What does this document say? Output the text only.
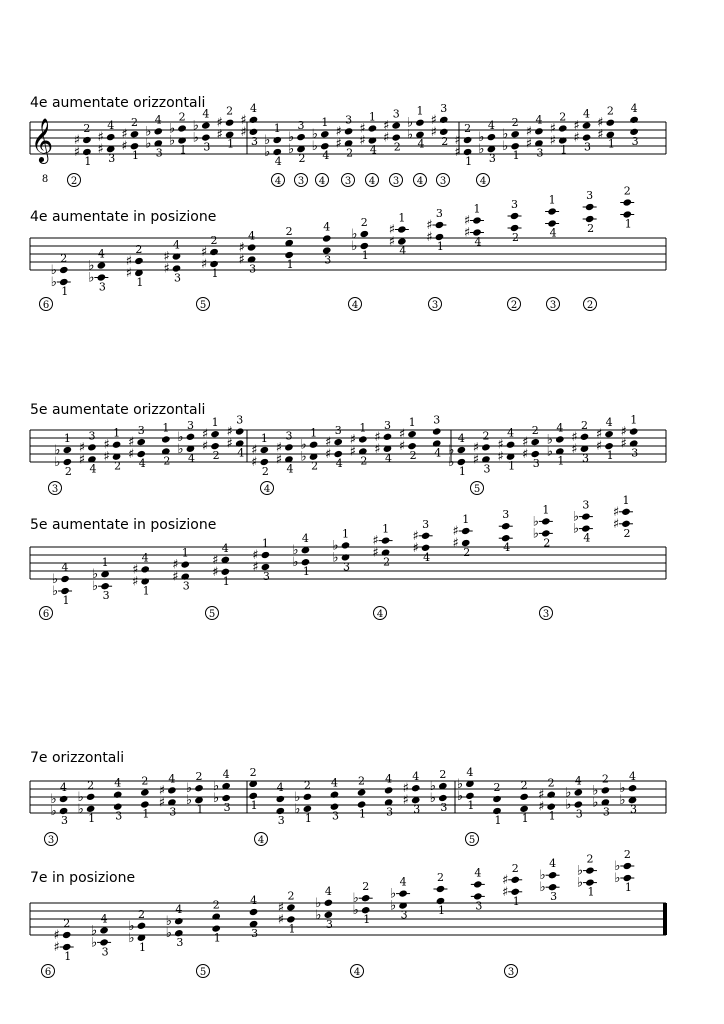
4e aumentate orizzontali
4e aumentate in posizione
5e aumentate orizzontali
5e aumentate in posizione
7e orizzontali
7e in posizione
𝄞
8
♯
♯
2
1
♯
♯
4
3
♯
♯
2
1
♭
♭
4
3
♭
♭
2
1
♭
♭
4
3
♯
♯
2
1
♯
♯
4
3 ♭
♭
1
4
♭
♭
3
2
♭
♭
1
4
♯
♯
3
2
♯
♯
1
4
♯
♯
3
2
♭
♭
1
4
♯
♯
3
2 ♯
♯
2
1
♭
♭
4
3
♭
♭
2
1
♯
♯
4
3
♯
♯
2
1
♯
♯
4
3
♯
♯
2
1
4
3
2	4 3 4 3 4 3 4 3	4
♭
♭
2
1
♭
♭
4
3
♯
♯
2
1
♯
♯
4
3
♯
♯
2
1
♯
♯
4
3
2
1
4
3
♭
♭
2
1
♯
♯
1
4
♯
♯
3
1
♯
♯
1
4
3
2
1
4
3
2
2
1
6	5	4	3	2	3	2
♭
♭
1
2
♯
♯
3
4
♯
♯
1
2
♯
♯
3
4
1
2
♭
♭
3
4
♯
♯
1
2
♯
♯
3
4 ♯
♯
1
2
♯
♯
3
4
♭
♭
1
2
♯
♯
3
4
♯
♯
1
2
♯
♯
3
4
♯
♯
1
2
3
4 ♭
♭
4
1
♯
♯
2
3
♯
♯
4
1
♯
♯
2
3
♭
♭
4
1
♯
♯
2
3
♯
♯
4
1
♯
♯
1
3
3	4	5
♭
♭
4
1
♭
♭
1
3
♯
♯
4
1
♯
♯
1
3
♯
♯
4
1
♯
♯
1
3
♭
♭
4
1
♭
♭
1
3
♯
♯
1
2
♯
♯
3
4
♯
♯
1
2
3
4
♭
♭
1
2
♭
♭
3
4
♯
♯
1
2
6	5	4	3
♭
♭
4
3
♭
♭
2
1
4
3
2
1
♯
♯
4
3
♭
♭
2
1
♭
♭
4
3
2
1
4
3
♭
♭
2
1
4
3
2
1
4
3
♯
♯
4
3
♭
♭
2
3
♭
♭
4
1
2
1
2
1
♯
♯
2
1
♭
♭
4
3
♭
♭
2
3
♭
♭
4
3
3	4	5
♯
♯
2
1
♭
♭
4
3
♭
♭
2
1
♭
♭
4
3
2
1
4
3
♯
♯
2
1
♭
♭
4
3
♭
♭
2
1
♭
♭
4
3
2
1
4
3
♯
♯
2
1
♭
♭
4
3
♭
♭
2
1
♭
♭
2
1
6	5	4	3
